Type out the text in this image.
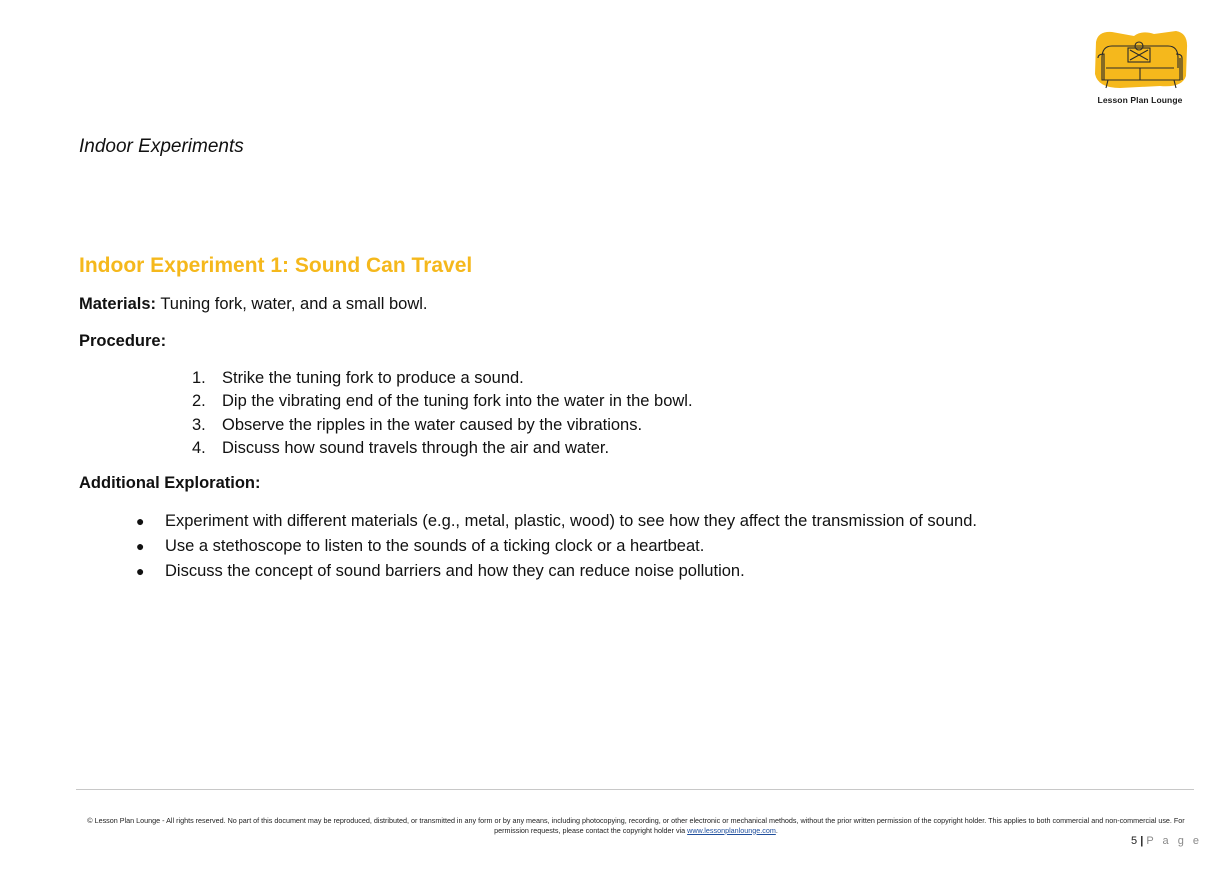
Lesson Plan Lounge
Indoor Experiments
Indoor Experiment 1: Sound Can Travel
Materials: Tuning fork, water, and a small bowl.
Procedure:
1. Strike the tuning fork to produce a sound.
2. Dip the vibrating end of the tuning fork into the water in the bowl.
3. Observe the ripples in the water caused by the vibrations.
4. Discuss how sound travels through the air and water.
Additional Exploration:
●	Experiment with different materials (e.g., metal, plastic, wood) to see how they affect the transmission of sound.
●	Use a stethoscope to listen to the sounds of a ticking clock or a heartbeat.
●	Discuss the concept of sound barriers and how they can reduce noise pollution.
© Lesson Plan Lounge - All rights reserved. No part of this document may be reproduced, distributed, or transmitted in any form or by any means, including photocopying, recording, or other electronic or mechanical methods, without the prior written permission of the copyright holder. This applies to both commercial and non-commercial use. For permission requests, please contact the copyright holder via www.lessonplanlounge.com.
5 | P a g e
